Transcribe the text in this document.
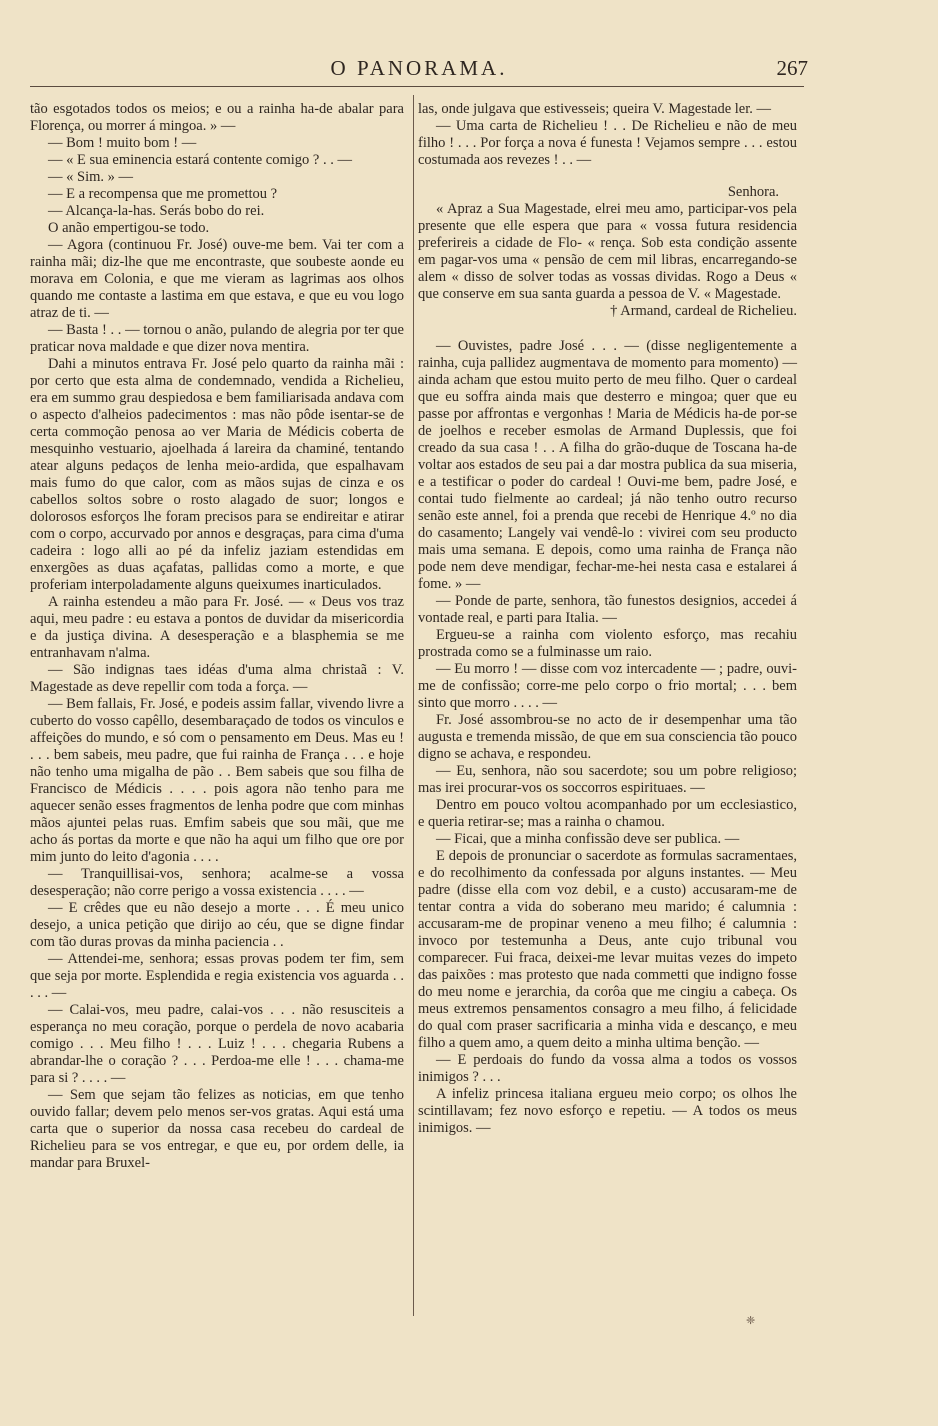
O PANORAMA.	267

tão esgotados todos os meios; e ou a rainha ha-de abalar para Florença, ou morrer á mingoa. » —

— Bom ! muito bom ! —

— « E sua eminencia estará contente comigo ? . . —

— « Sim. » —

— E a recompensa que me promettou ?

— Alcança-la-has. Serás bobo do rei.

O anão empertigou-se todo.

— Agora (continuou Fr. José) ouve-me bem. Vai ter com a rainha mãi; diz-lhe que me encontraste, que soubeste aonde eu morava em Colonia, e que me vieram as lagrimas aos olhos quando me contaste a lastima em que estava, e que eu vou logo atraz de ti. —

— Basta ! . . — tornou o anão, pulando de alegria por ter que praticar nova maldade e que dizer nova mentira.

Dahi a minutos entrava Fr. José pelo quarto da rainha mãi : por certo que esta alma de condemnado, vendida a Richelieu, era em summo grau despiedosa e bem familiarisada andava com o aspecto d'alheios padecimentos : mas não pôde isentar-se de certa commoção penosa ao ver Maria de Médicis coberta de mesquinho vestuario, ajoelhada á lareira da chaminé, tentando atear alguns pedaços de lenha meio-ardida, que espalhavam mais fumo do que calor, com as mãos sujas de cinza e os cabellos soltos sobre o rosto alagado de suor; longos e dolorosos esforços lhe foram precisos para se endireitar e atirar com o corpo, accurvado por annos e desgraças, para cima d'uma cadeira : logo alli ao pé da infeliz jaziam estendidas em enxergões as duas açafatas, pallidas como a morte, e que proferiam interpoladamente alguns queixumes inarticulados.

A rainha estendeu a mão para Fr. José. — « Deus vos traz aqui, meu padre : eu estava a pontos de duvidar da misericordia e da justiça divina. A desesperação e a blasphemia se me entranhavam n'alma.

— São indignas taes idéas d'uma alma christaã : V. Magestade as deve repellir com toda a força. —

— Bem fallais, Fr. José, e podeis assim fallar, vivendo livre a cuberto do vosso capêllo, desembaraçado de todos os vinculos e affeições do mundo, e só com o pensamento em Deus. Mas eu ! . . . bem sabeis, meu padre, que fui rainha de França . . . e hoje não tenho uma migalha de pão . . Bem sabeis que sou filha de Francisco de Médicis . . . . pois agora não tenho para me aquecer senão esses fragmentos de lenha podre que com minhas mãos ajuntei pelas ruas. Emfim sabeis que sou mãi, que me acho ás portas da morte e que não ha aqui um filho que ore por mim junto do leito d'agonia . . . .

— Tranquillisai-vos, senhora; acalme-se a vossa desesperação; não corre perigo a vossa existencia . . . . —

— E crêdes que eu não desejo a morte . . . É meu unico desejo, a unica petição que dirijo ao céu, que se digne findar com tão duras provas da minha paciencia . .

— Attendei-me, senhora; essas provas podem ter fim, sem que seja por morte. Esplendida e regia existencia vos aguarda . . . . . —

— Calai-vos, meu padre, calai-vos . . . não resusciteis a esperança no meu coração, porque o perdela de novo acabaria comigo . . . Meu filho ! . . . Luiz ! . . . chegaria Rubens a abrandar-lhe o coração ? . . . Perdoa-me elle ! . . . chama-me para si ? . . . . —

— Sem que sejam tão felizes as noticias, em que tenho ouvido fallar; devem pelo menos ser-vos gratas. Aqui está uma carta que o superior da nossa casa recebeu do cardeal de Richelieu para se vos entregar, e que eu, por ordem delle, ia mandar para Bruxel-

las, onde julgava que estivesseis; queira V. Magestade ler. —

— Uma carta de Richelieu ! . . De Richelieu e não de meu filho ! . . . Por força a nova é funesta ! Vejamos sempre . . . estou costumada aos revezes ! . . —

Senhora.

« Apraz a Sua Magestade, elrei meu amo, participar-vos pela presente que elle espera que para « vossa futura residencia preferireis a cidade de Flo- « rença. Sob esta condição assente em pagar-vos uma « pensão de cem mil libras, encarregando-se alem « disso de solver todas as vossas dividas. Rogo a Deus « que conserve em sua santa guarda a pessoa de V. « Magestade.

† Armand, cardeal de Richelieu.

— Ouvistes, padre José . . . — (disse negligentemente a rainha, cuja pallidez augmentava de momento para momento) — ainda acham que estou muito perto de meu filho. Quer o cardeal que eu soffra ainda mais que desterro e mingoa; quer que eu passe por affrontas e vergonhas ! Maria de Médicis ha-de por-se de joelhos e receber esmolas de Armand Duplessis, que foi creado da sua casa ! . . A filha do grão-duque de Toscana ha-de voltar aos estados de seu pai a dar mostra publica da sua miseria, e a testificar o poder do cardeal ! Ouvi-me bem, padre José, e contai tudo fielmente ao cardeal; já não tenho outro recurso senão este annel, foi a prenda que recebi de Henrique 4.º no dia do casamento; Langely vai vendê-lo : vivirei com seu producto mais uma semana. E depois, como uma rainha de França não pode nem deve mendigar, fechar-me-hei nesta casa e estalarei á fome. » —

— Ponde de parte, senhora, tão funestos designios, accedei á vontade real, e parti para Italia. —

Ergueu-se a rainha com violento esforço, mas recahiu prostrada como se a fulminasse um raio.

— Eu morro ! — disse com voz intercadente — ; padre, ouvi-me de confissão; corre-me pelo corpo o frio mortal; . . . bem sinto que morro . . . . —

Fr. José assombrou-se no acto de ir desempenhar uma tão augusta e tremenda missão, de que em sua consciencia tão pouco digno se achava, e respondeu.

— Eu, senhora, não sou sacerdote; sou um pobre religioso; mas irei procurar-vos os soccorros espirituaes. —

Dentro em pouco voltou acompanhado por um ecclesiastico, e queria retirar-se; mas a rainha o chamou.

— Ficai, que a minha confissão deve ser publica. —

E depois de pronunciar o sacerdote as formulas sacramentaes, e do recolhimento da confessada por alguns instantes. — Meu padre (disse ella com voz debil, e a custo) accusaram-me de tentar contra a vida do soberano meu marido; é calumnia : accusaram-me de propinar veneno a meu filho; é calumnia : invoco por testemunha a Deus, ante cujo tribunal vou comparecer. Fui fraca, deixei-me levar muitas vezes do impeto das paixões : mas protesto que nada commetti que indigno fosse do meu nome e jerarchia, da corôa que me cingiu a cabeça. Os meus extremos pensamentos consagro a meu filho, á felicidade do qual com praser sacrificaria a minha vida e descanço, e meu filho a quem amo, a quem deito a minha ultima benção. —

— E perdoais do fundo da vossa alma a todos os vossos inimigos ? . . .

A infeliz princesa italiana ergueu meio corpo; os olhos lhe scintillavam; fez novo esforço e repetiu. — A todos os meus inimigos. —

❈
